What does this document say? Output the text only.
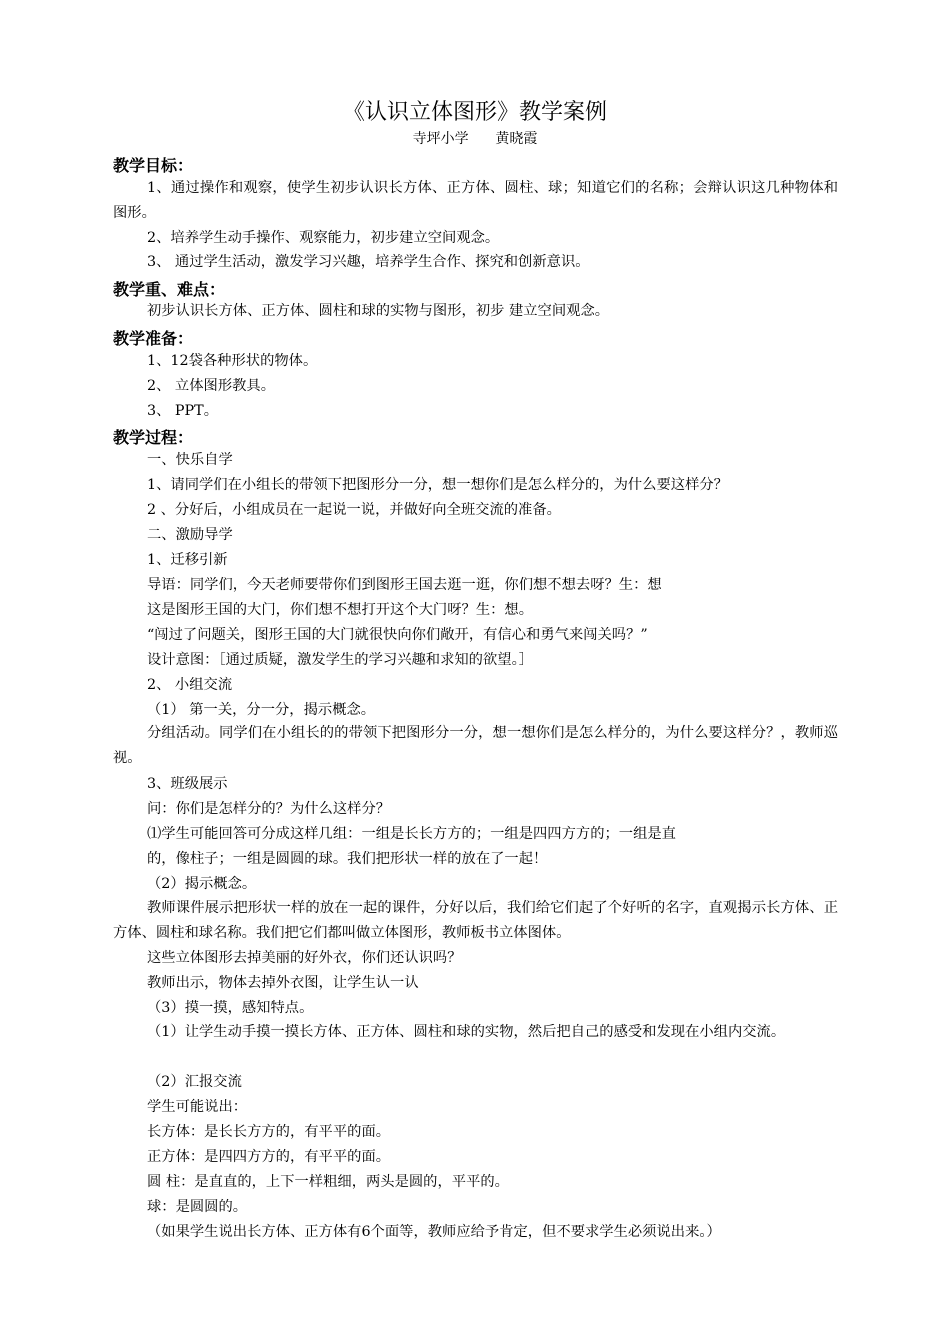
《认识立体图形》教学案例
寺坪小学      黄晓霞
教学目标：
1、通过操作和观察，使学生初步认识长方体、正方体、圆柱、球；知道它们的名称；会辩认识这几种物体和图形。
2、培养学生动手操作、观察能力，初步建立空间观念。
3、 通过学生活动，激发学习兴趣，培养学生合作、探究和创新意识。
教学重、难点：
初步认识长方体、正方体、圆柱和球的实物与图形，初步 建立空间观念。
教学准备：
1、12袋各种形状的物体。
2、 立体图形教具。
3、 PPT。
教学过程：
一、快乐自学
1、请同学们在小组长的带领下把图形分一分，想一想你们是怎么样分的，为什么要这样分？
2 、分好后，小组成员在一起说一说，并做好向全班交流的准备。
二、激励导学
1、迁移引新
导语：同学们，今天老师要带你们到图形王国去逛一逛，你们想不想去呀？生：想
这是图形王国的大门，你们想不想打开这个大门呀？生：想。
“闯过了问题关，图形王国的大门就很快向你们敞开，有信心和勇气来闯关吗？”
设计意图：［通过质疑，激发学生的学习兴趣和求知的欲望。］
2、 小组交流
（1） 第一关，分一分，揭示概念。
分组活动。同学们在小组长的的带领下把图形分一分，想一想你们是怎么样分的，为什么要这样分？，教师巡视。
3、班级展示
问：你们是怎样分的？为什么这样分？
⑴学生可能回答可分成这样几组：一组是长长方方的；一组是四四方方的；一组是直
的，像柱子；一组是圆圆的球。我们把形状一样的放在了一起！
（2）揭示概念。
教师课件展示把形状一样的放在一起的课件，分好以后，我们给它们起了个好听的名字，直观揭示长方体、正方体、圆柱和球名称。我们把它们都叫做立体图形，教师板书立体图体。
这些立体图形去掉美丽的好外衣，你们还认识吗？
教师出示，物体去掉外衣图，让学生认一认
（3）摸一摸，感知特点。
（1）让学生动手摸一摸长方体、正方体、圆柱和球的实物，然后把自己的感受和发现在小组内交流。
（2）汇报交流
学生可能说出：
长方体：是长长方方的，有平平的面。
正方体：是四四方方的，有平平的面。
圆 柱：是直直的，上下一样粗细，两头是圆的，平平的。
球：是圆圆的。
（如果学生说出长方体、正方体有6个面等，教师应给予肯定，但不要求学生必须说出来。）
